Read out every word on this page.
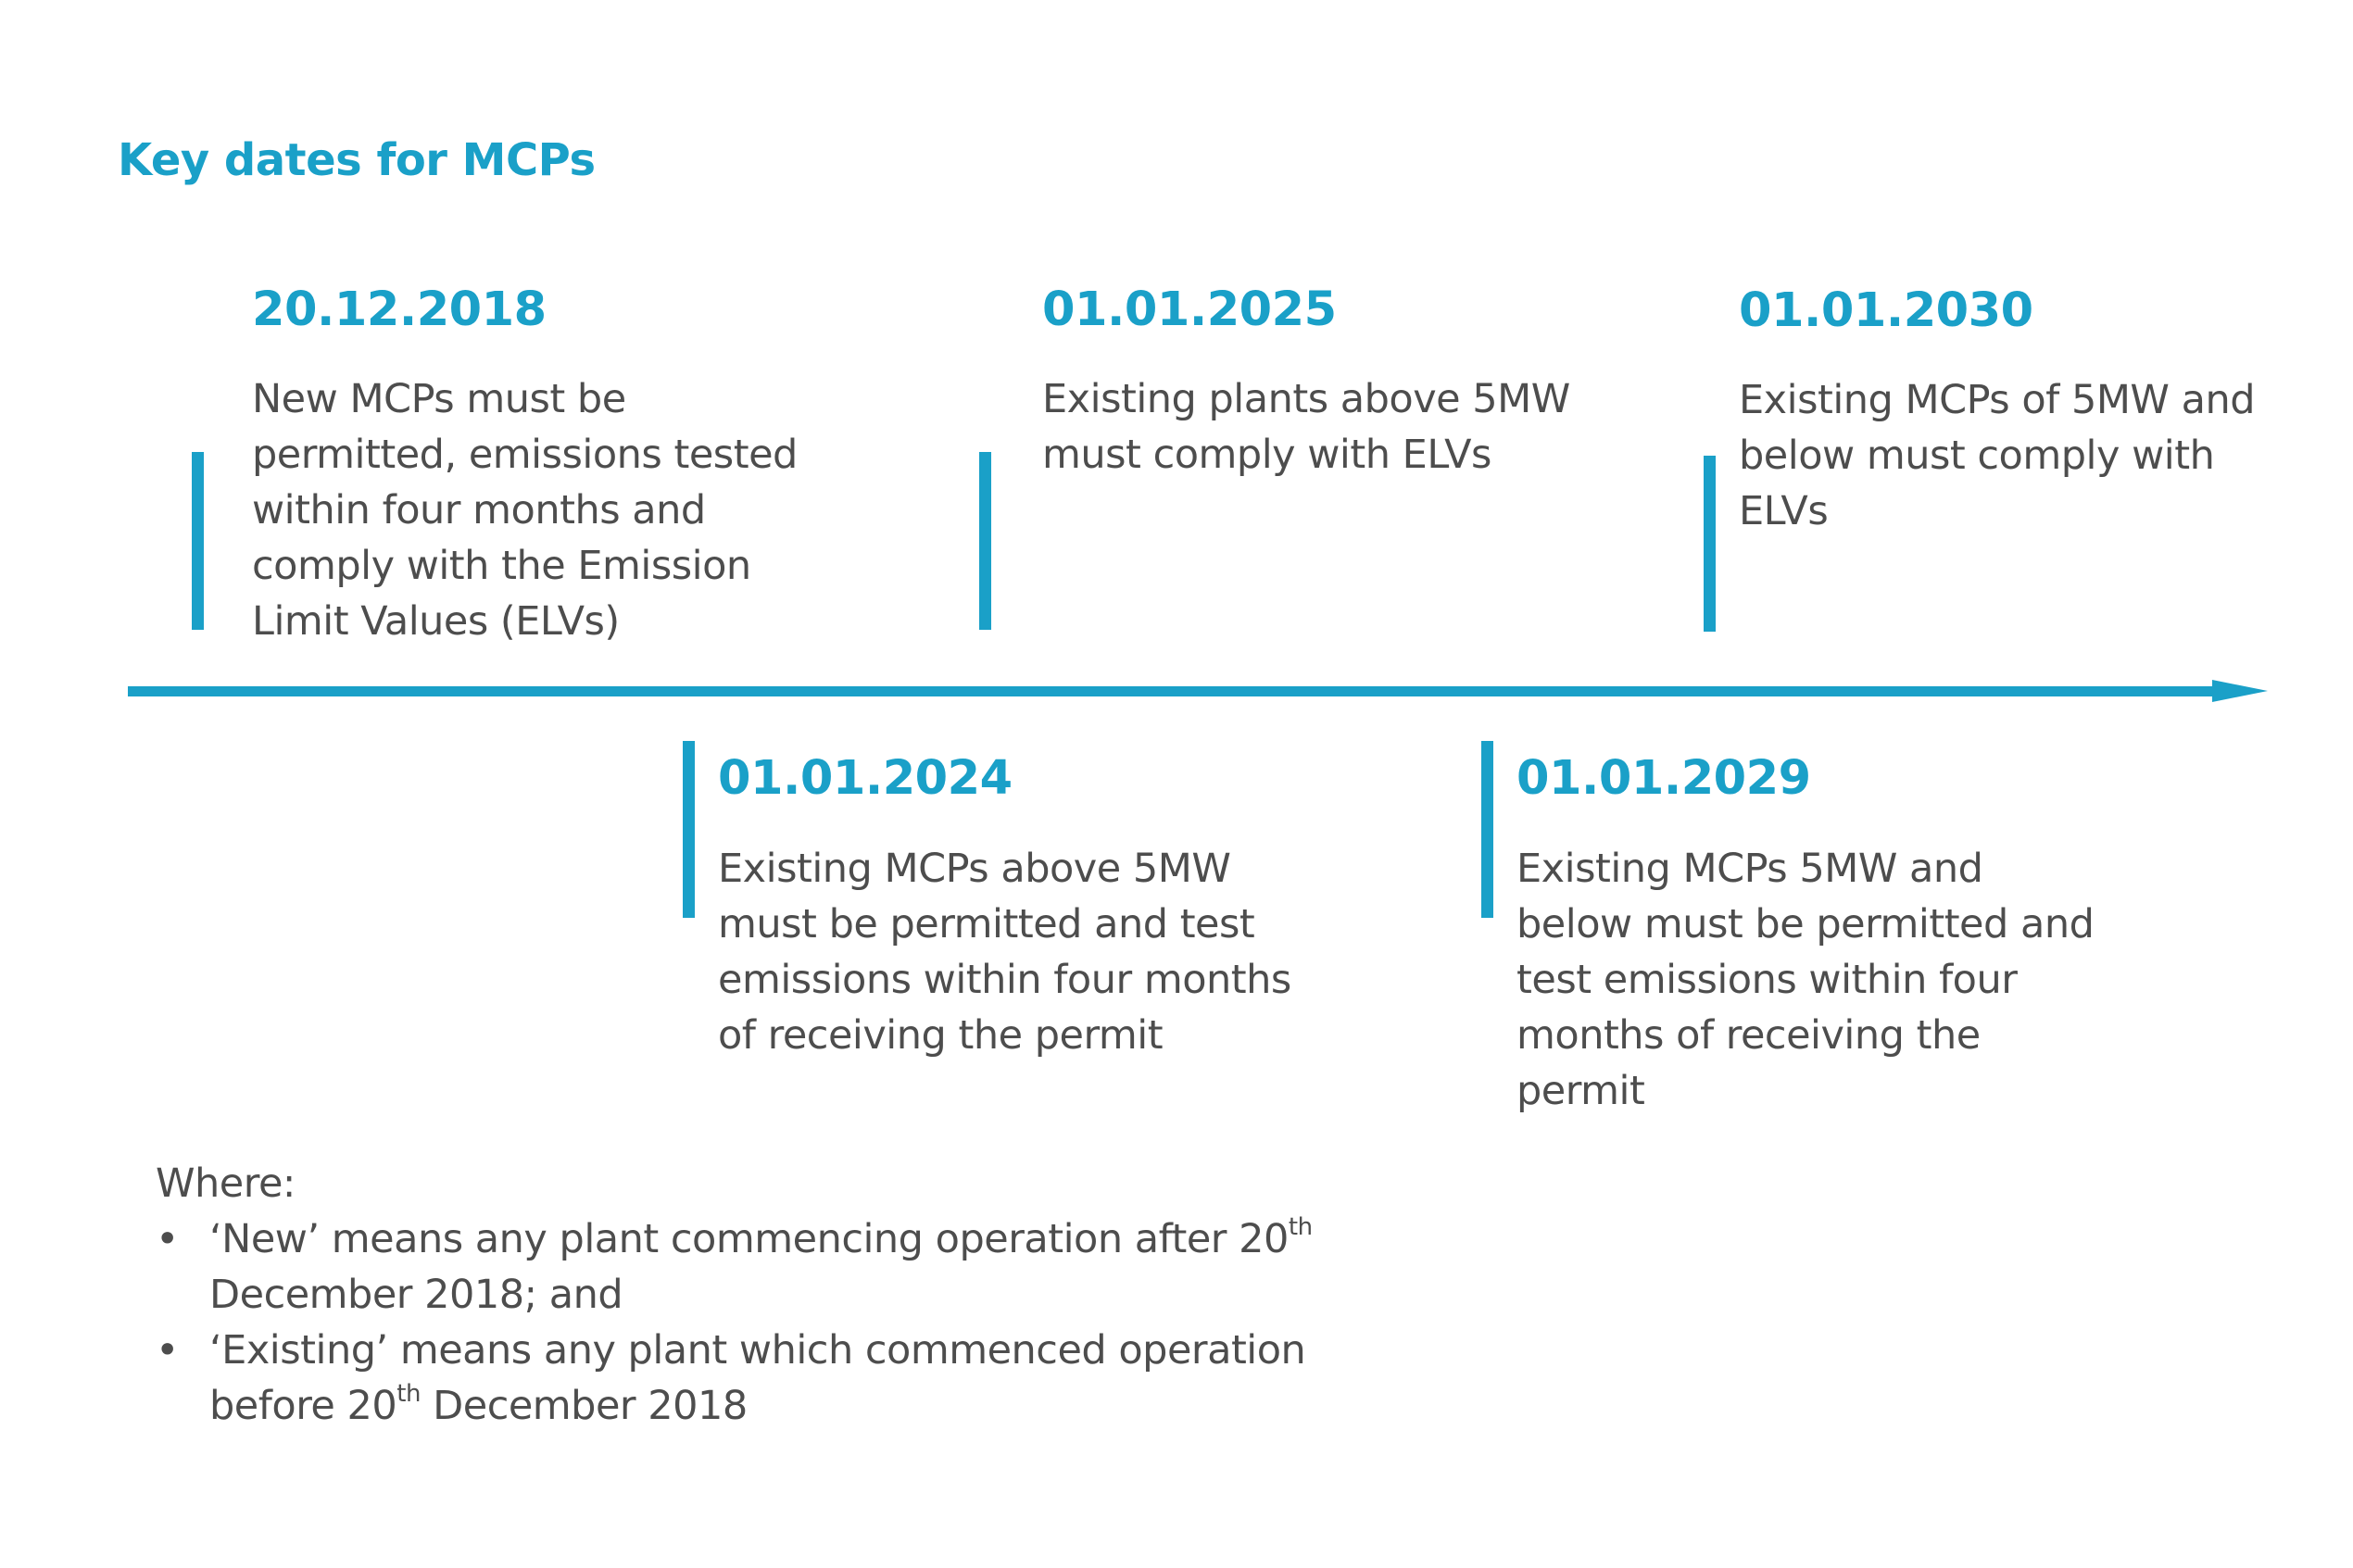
Key dates for MCPs
20.12.2018
New MCPs must be permitted, emissions tested within four months and comply with the Emission Limit Values (ELVs)
01.01.2024
Existing MCPs above 5MW must be permitted and test emissions within four months of receiving the permit
01.01.2025
Existing plants above 5MW must comply with ELVs
01.01.2029
Existing MCPs 5MW and below must be permitted and test emissions within four months of receiving the permit
01.01.2030
Existing MCPs of 5MW and below must comply with ELVs
Where:
• ‘New’ means any plant commencing operation after 20th December 2018; and
• ‘Existing’ means any plant which commenced operation before 20th December 2018
